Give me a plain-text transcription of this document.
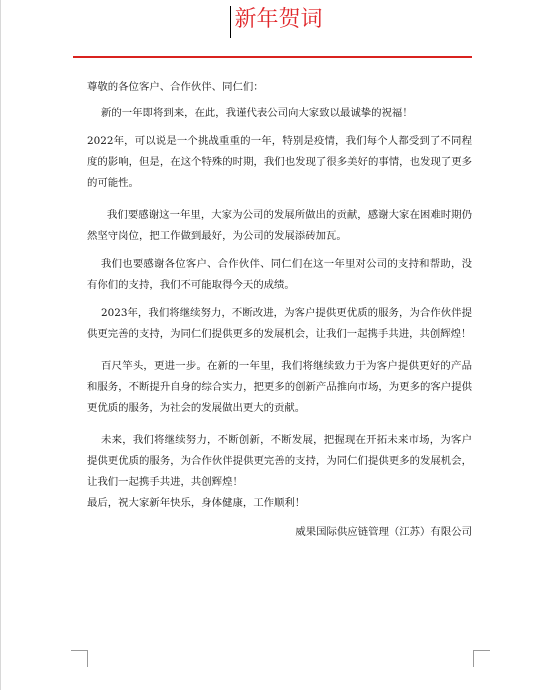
新年贺词

尊敬的各位客户、合作伙伴、同仁们：

新的一年即将到来，在此，我谨代表公司向大家致以最诚挚的祝福！

2022年，可以说是一个挑战重重的一年，特别是疫情，我们每个人都受到了不同程度的影响，但是，在这个特殊的时期，我们也发现了很多美好的事情，也发现了更多的可能性。

我们要感谢这一年里，大家为公司的发展所做出的贡献，感谢大家在困难时期仍然坚守岗位，把工作做到最好，为公司的发展添砖加瓦。

我们也要感谢各位客户、合作伙伴、同仁们在这一年里对公司的支持和帮助，没有你们的支持，我们不可能取得今天的成绩。

2023年，我们将继续努力，不断改进，为客户提供更优质的服务，为合作伙伴提供更完善的支持，为同仁们提供更多的发展机会，让我们一起携手共进，共创辉煌！

百尺竿头，更进一步。在新的一年里，我们将继续致力于为客户提供更好的产品和服务，不断提升自身的综合实力，把更多的创新产品推向市场，为更多的客户提供更优质的服务，为社会的发展做出更大的贡献。

未来，我们将继续努力，不断创新，不断发展，把握现在开拓未来市场，为客户提供更优质的服务，为合作伙伴提供更完善的支持，为同仁们提供更多的发展机会，让我们一起携手共进，共创辉煌！

最后，祝大家新年快乐，身体健康，工作顺利！

威果国际供应链管理（江苏）有限公司
